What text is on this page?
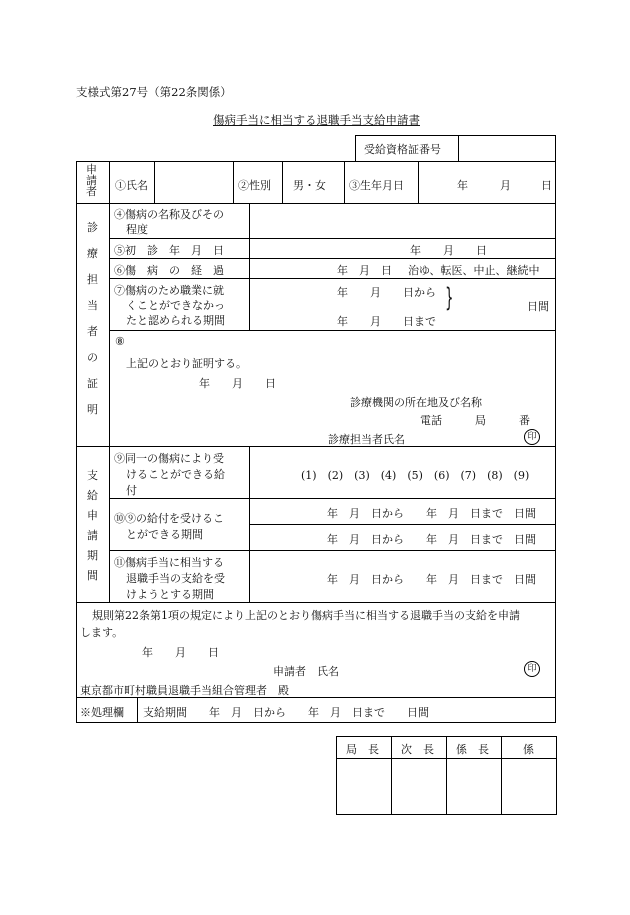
支様式第27号（第22条関係）
傷病手当に相当する退職手当支給申請書
受給資格証番号
申
請
者 ①氏名	②性別 男・女 ③生年月日	年	月	日
診
療
担
当
者
の
証
明
④傷病の名称及びその
程度
⑤初　診　年　月　日	年　　月　　日
⑥傷　病　の　経　過	年　月　日 治ゆ、転医、中止、継続中
⑦傷病のため職業に就
くことができなかっ
たと認められる期間
年　　月　　日から
年　　月　　日まで
}	日間
⑧
上記のとおり証明する。
年　　月　　日
診療機関の所在地及び名称
電話　　　局　　　番
診療担当者氏名	印
支
給
申
請
期
間
⑨同一の傷病により受
けることができる給
付
(1)　(2)　(3)　(4)　(5)　(6)　(7)　(8)　(9)
⑩⑨の給付を受けるこ
とができる期間
年　月　日から　　年　月　日まで　日間
年　月　日から　　年　月　日まで　日間
⑪傷病手当に相当する
退職手当の支給を受
けようとする期間
年　月　日から　　年　月　日まで　日間
規則第22条第1項の規定により上記のとおり傷病手当に相当する退職手当の支給を申請
します。
年　　月　　日
申請者　氏名	印
東京都市町村職員退職手当組合管理者　殿
※処理欄 支給期間　　年　月　日から　　年　月　日まで　　日間
局　長 次　長 係　長	係
